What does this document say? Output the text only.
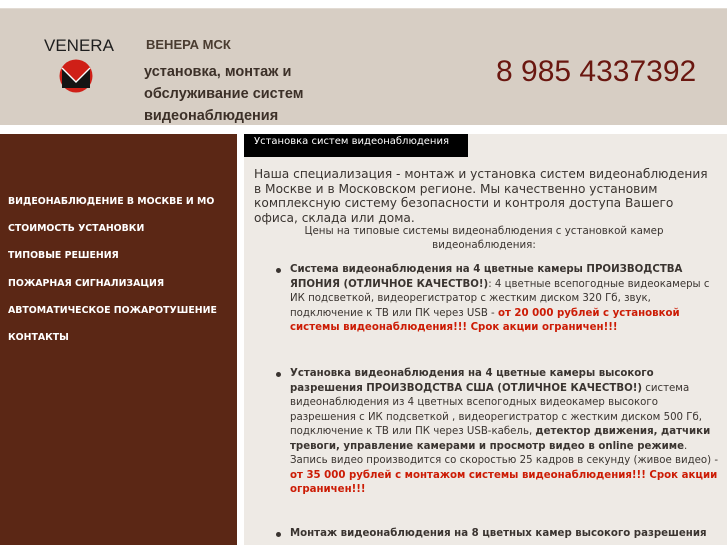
VENERA ВЕНЕРА МСК
установка, монтаж и обслуживание систем видеонаблюдения
8 985 4337392
ВИДЕОНАБЛЮДЕНИЕ В МОСКВЕ И МО
СТОИМОСТЬ УСТАНОВКИ
ТИПОВЫЕ РЕШЕНИЯ
ПОЖАРНАЯ СИГНАЛИЗАЦИЯ
АВТОМАТИЧЕСКОЕ ПОЖАРОТУШЕНИЕ
КОНТАКТЫ
Установка систем видеонаблюдения
Наша специализация - монтаж и установка систем видеонаблюдения в Москве и в Московском регионе. Мы качественно установим комплексную систему безопасности и контроля доступа Вашего офиса, склада или дома.
Цены на типовые системы видеонаблюдения с установкой камер видеонаблюдения:
Система видеонаблюдения на 4 цветные камеры ПРОИЗВОДСТВА ЯПОНИЯ (ОТЛИЧНОЕ КАЧЕСТВО!): 4 цветные всепогодные видеокамеры с ИК подсветкой, видеорегистратор с жестким диском 320 Гб, звук, подключение к ТВ или ПК через USB - от 20 000 рублей с установкой системы видеонаблюдения!!! Срок акции ограничен!!!
Установка видеонаблюдения на 4 цветные камеры высокого разрешения ПРОИЗВОДСТВА США (ОТЛИЧНОЕ КАЧЕСТВО!) система видеонаблюдения из 4 цветных всепогодных видеокамер высокого разрешения с ИК подсветкой , видеорегистратор с жестким диском 500 Гб, подключение к ТВ или ПК через USB-кабель, детектор движения, датчики тревоги, управление камерами и просмотр видео в online режиме. Запись видео производится со скоростью 25 кадров в секунду (живое видео) - от 35 000 рублей с монтажом системы видеонаблюдения!!! Срок акции ограничен!!!
Монтаж видеонаблюдения на 8 цветных камер высокого разрешения
